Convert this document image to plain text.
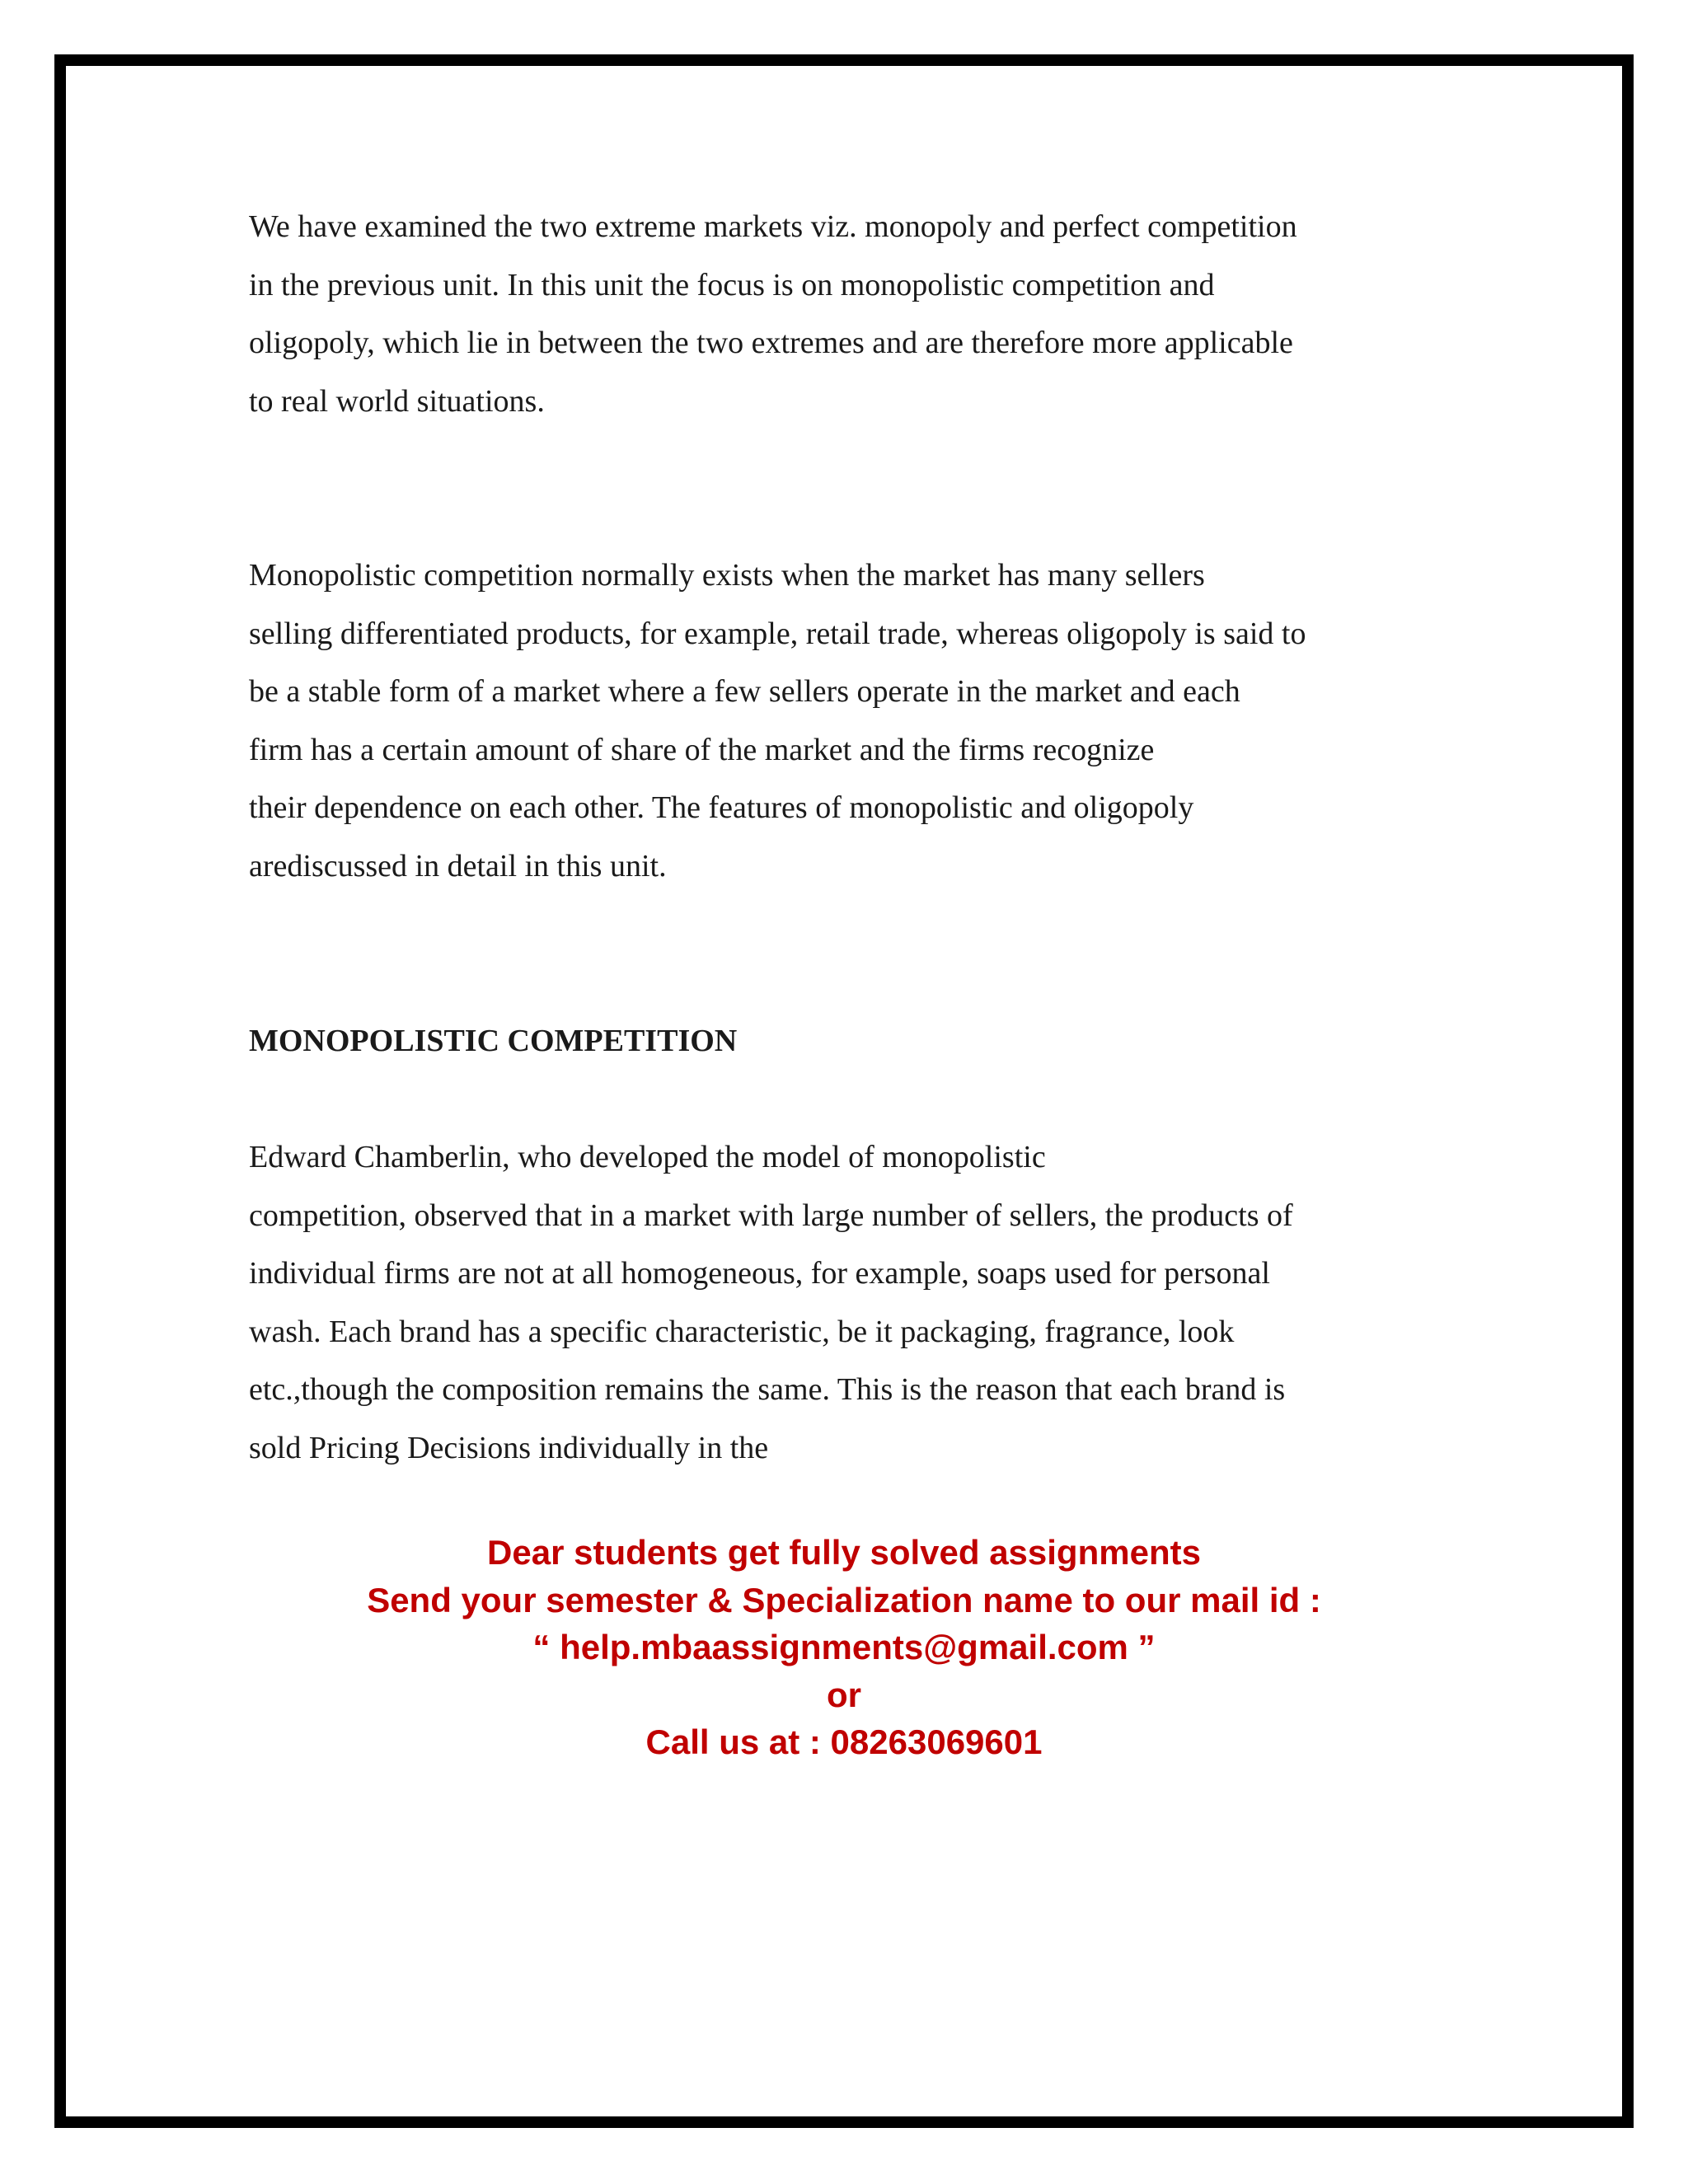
We have examined the two extreme markets viz. monopoly and perfect competition
in the previous unit. In this unit the focus is on monopolistic competition and
oligopoly, which lie in between the two extremes and are therefore more applicable
to real world situations.

Monopolistic competition normally exists when the market has many sellers
selling differentiated products, for example, retail trade, whereas oligopoly is said to
be a stable form of a market where a few sellers operate in the market and each
firm has a certain amount of share of the market and the firms recognize
their dependence on each other. The features of monopolistic and oligopoly
arediscussed in detail in this unit.

MONOPOLISTIC COMPETITION

Edward Chamberlin, who developed the model of monopolistic
competition, observed that in a market with large number of sellers, the products of
individual firms are not at all homogeneous, for example, soaps used for personal
wash. Each brand has a specific characteristic, be it packaging, fragrance, look
etc.,though the composition remains the same. This is the reason that each brand is
sold Pricing Decisions individually in the

Dear students get fully solved assignments
Send your semester & Specialization name to our mail id :
“ help.mbaassignments@gmail.com ”
or
Call us at : 08263069601
